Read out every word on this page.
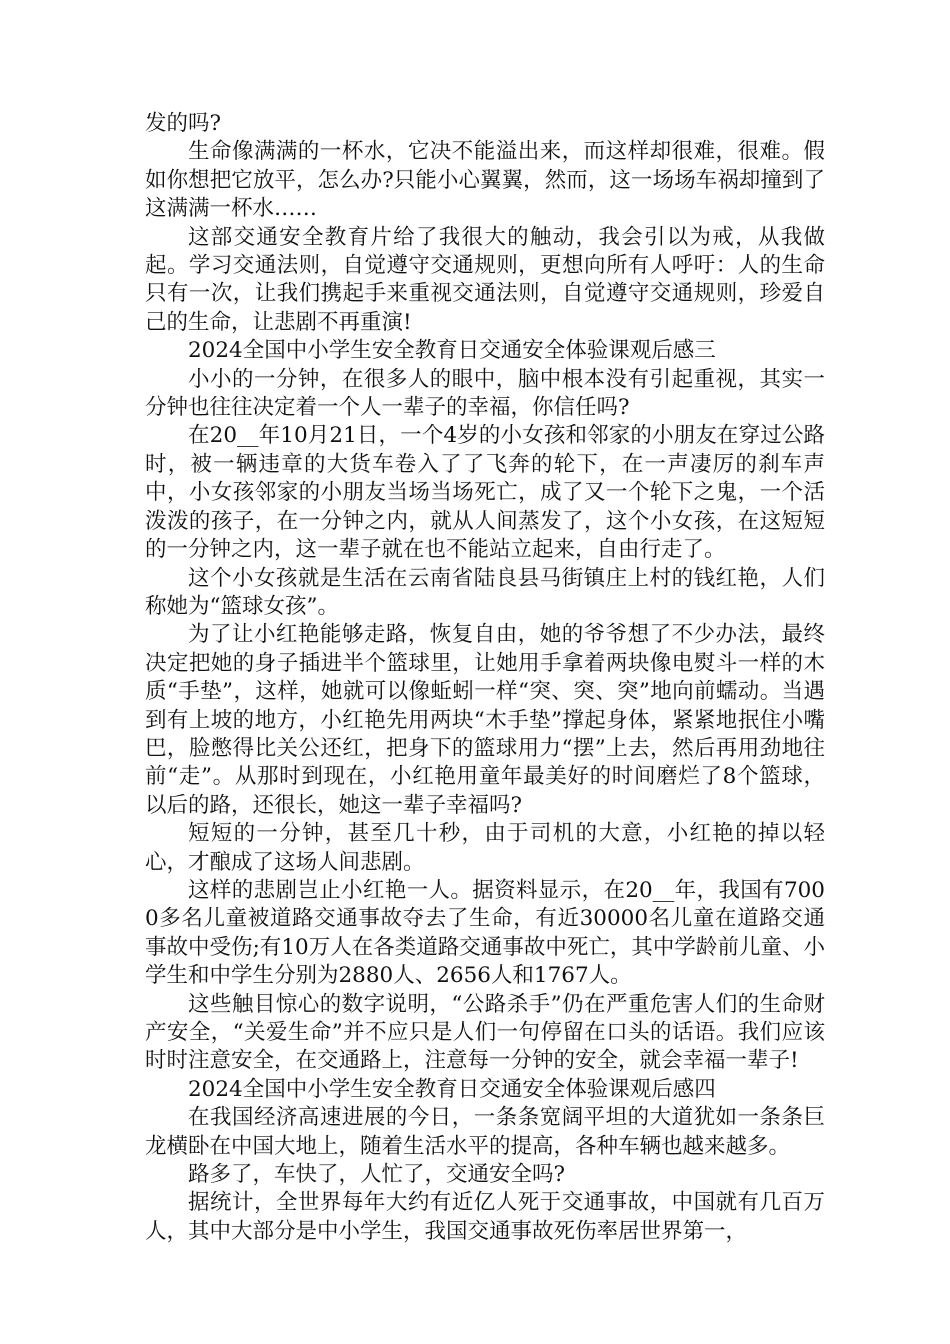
发的吗?

生命像满满的一杯水，它决不能溢出来，而这样却很难，很难。假如你想把它放平，怎么办?只能小心翼翼，然而，这一场场车祸却撞到了这满满一杯水……

这部交通安全教育片给了我很大的触动，我会引以为戒，从我做起。学习交通法则，自觉遵守交通规则，更想向所有人呼吁：人的生命只有一次，让我们携起手来重视交通法则，自觉遵守交通规则，珍爱自己的生命，让悲剧不再重演!

2024全国中小学生安全教育日交通安全体验课观后感三

小小的一分钟，在很多人的眼中，脑中根本没有引起重视，其实一分钟也往往决定着一个人一辈子的幸福，你信任吗?

在20__年10月21日，一个4岁的小女孩和邻家的小朋友在穿过公路时，被一辆违章的大货车卷入了了飞奔的轮下，在一声凄厉的刹车声中，小女孩邻家的小朋友当场当场死亡，成了又一个轮下之鬼，一个活泼泼的孩子，在一分钟之内，就从人间蒸发了，这个小女孩，在这短短的一分钟之内，这一辈子就在也不能站立起来，自由行走了。

这个小女孩就是生活在云南省陆良县马街镇庄上村的钱红艳，人们称她为“篮球女孩”。

为了让小红艳能够走路，恢复自由，她的爷爷想了不少办法，最终决定把她的身子插进半个篮球里，让她用手拿着两块像电熨斗一样的木质“手垫”，这样，她就可以像蚯蚓一样“突、突、突”地向前蠕动。当遇到有上坡的地方，小红艳先用两块“木手垫”撑起身体，紧紧地抿住小嘴巴，脸憋得比关公还红，把身下的篮球用力“摆”上去，然后再用劲地往前“走”。从那时到现在，小红艳用童年最美好的时间磨烂了8个篮球，以后的路，还很长，她这一辈子幸福吗?

短短的一分钟，甚至几十秒，由于司机的大意，小红艳的掉以轻心，才酿成了这场人间悲剧。

这样的悲剧岂止小红艳一人。据资料显示，在20__年，我国有7000多名儿童被道路交通事故夺去了生命，有近30000名儿童在道路交通事故中受伤;有10万人在各类道路交通事故中死亡，其中学龄前儿童、小学生和中学生分别为2880人、2656人和1767人。

这些触目惊心的数字说明，“公路杀手”仍在严重危害人们的生命财产安全，“关爱生命”并不应只是人们一句停留在口头的话语。我们应该时时注意安全，在交通路上，注意每一分钟的安全，就会幸福一辈子!

2024全国中小学生安全教育日交通安全体验课观后感四

在我国经济高速进展的今日，一条条宽阔平坦的大道犹如一条条巨龙横卧在中国大地上，随着生活水平的提高，各种车辆也越来越多。

路多了，车快了，人忙了，交通安全吗?

据统计，全世界每年大约有近亿人死于交通事故，中国就有几百万人，其中大部分是中小学生，我国交通事故死伤率居世界第一，
